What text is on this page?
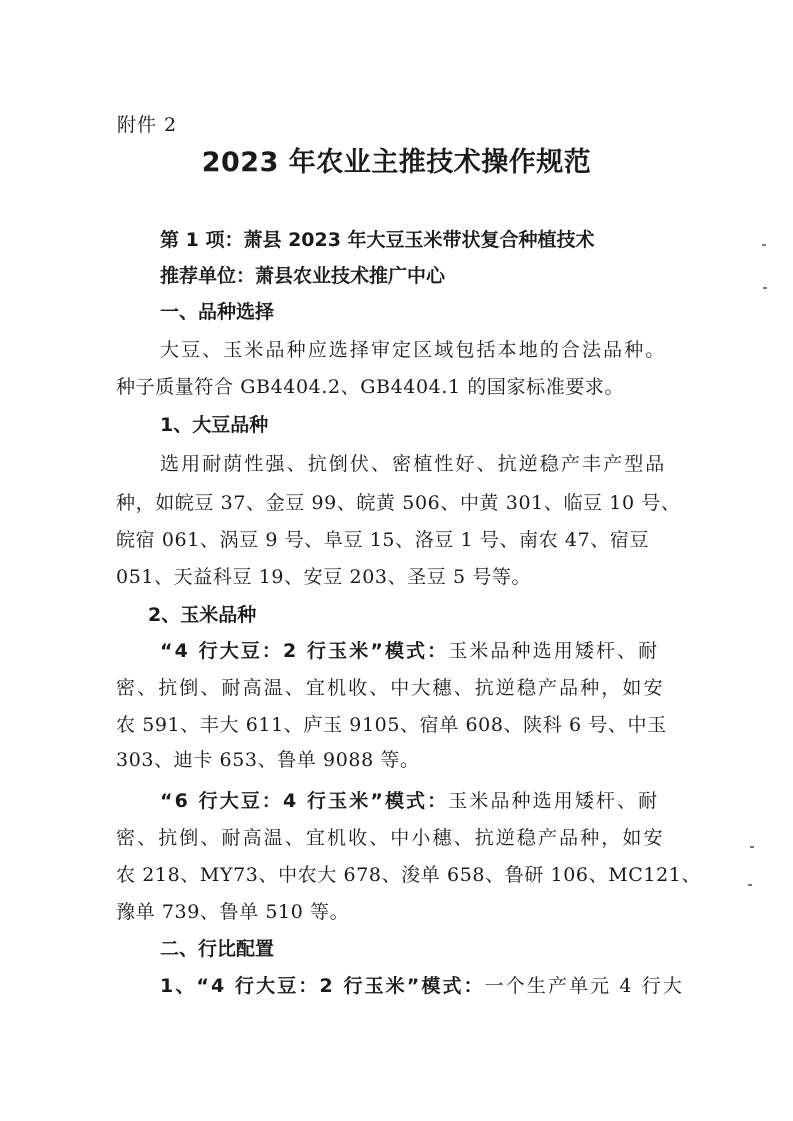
附件 2
2023 年农业主推技术操作规范
第 1 项：萧县 2023 年大豆玉米带状复合种植技术
推荐单位：萧县农业技术推广中心
一、品种选择
大豆、玉米品种应选择审定区域包括本地的合法品种。
种子质量符合 GB4404.2、GB4404.1 的国家标准要求。
1、大豆品种
选用耐荫性强、抗倒伏、密植性好、抗逆稳产丰产型品
种，如皖豆 37、金豆 99、皖黄 506、中黄 301、临豆 10 号、
皖宿 061、涡豆 9 号、阜豆 15、洛豆 1 号、南农 47、宿豆
051、天益科豆 19、安豆 203、圣豆 5 号等。
2、玉米品种
“4 行大豆：2 行玉米”模式：玉米品种选用矮杆、耐
密、抗倒、耐高温、宜机收、中大穗、抗逆稳产品种，如安
农 591、丰大 611、庐玉 9105、宿单 608、陕科 6 号、中玉
303、迪卡 653、鲁单 9088 等。
“6 行大豆：4 行玉米”模式：玉米品种选用矮杆、耐
密、抗倒、耐高温、宜机收、中小穗、抗逆稳产品种，如安
农 218、MY73、中农大 678、浚单 658、鲁研 106、MC121、
豫单 739、鲁单 510 等。
二、行比配置
1、“4 行大豆：2 行玉米”模式：一个生产单元 4 行大
